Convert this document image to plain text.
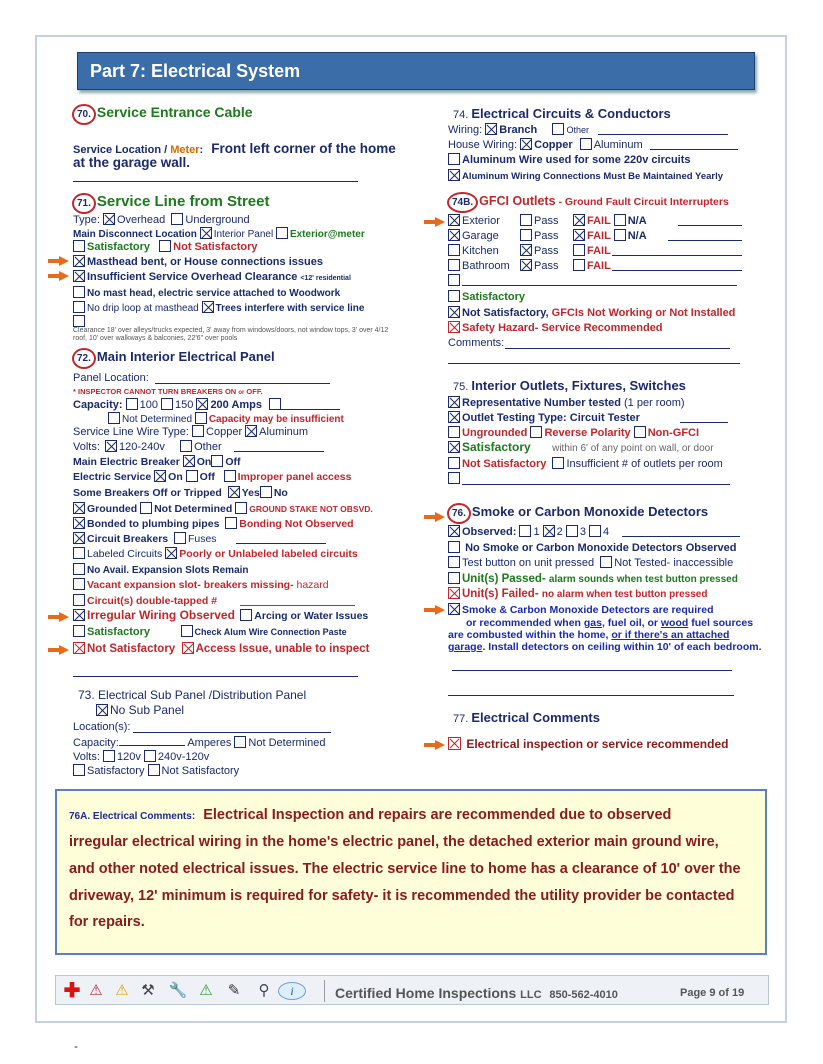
Part 7: Electrical System
70. Service Entrance Cable
Service Location / Meter: Front left corner of the home
at the garage wall.
71. Service Line from Street
Type: Overhead Underground
Main Disconnect Location Interior Panel Exterior@meter
Satisfactory Not Satisfactory
Masthead bent, or House connections issues
Insufficient Service Overhead Clearance <12' residential
No mast head, electric service attached to Woodwork
No drip loop at masthead Trees interfere with service line
Clearance 18' over alleys/trucks expected, 3' away from windows/doors, not window tops, 3' over 4/12
roof, 10' over walkways & balconies, 22'6" over pools
72. Main Interior Electrical Panel
Panel Location:
* INSPECTOR CANNOT TURN BREAKERS ON or OFF.
Capacity: 100 150 200 Amps
Not Determined Capacity may be insufficient
Service Line Wire Type: Copper Aluminum
Volts: 120-240v	Other
Main Electric Breaker On Off
Electric Service On Off Improper panel access
Some Breakers Off or Tripped Yes No
Grounded Not Determined GROUND STAKE NOT OBSVD.
Bonded to plumbing pipes Bonding Not Observed
Circuit Breakers Fuses
Labeled Circuits Poorly or Unlabeled labeled circuits
No Avail. Expansion Slots Remain
Vacant expansion slot- breakers missing- hazard
Circuit(s) double-tapped #
Irregular Wiring Observed Arcing or Water Issues
Satisfactory	Check Alum Wire Connection Paste
Not Satisfactory Access Issue, unable to inspect
73. Electrical Sub Panel /Distribution Panel
No Sub Panel
Location(s):
Capacity:	Amperes Not Determined
Volts: 120v 240v-120v
Satisfactory Not Satisfactory
74. Electrical Circuits & Conductors
Wiring: Branch	Other
House Wiring: Copper Aluminum
Aluminum Wire used for some 220v circuits
Aluminum Wiring Connections Must Be Maintained Yearly
74B. GFCI Outlets - Ground Fault Circuit Interrupters
Exterior	Pass	FAIL N/A
Garage	Pass	FAIL N/A
Kitchen	Pass	FAIL
Bathroom	Pass	FAIL
Satisfactory
Not Satisfactory, GFCIs Not Working or Not Installed
Safety Hazard- Service Recommended
Comments:
75. Interior Outlets, Fixtures, Switches
Representative Number tested (1 per room)
Outlet Testing Type: Circuit Tester
Ungrounded Reverse Polarity Non-GFCI
Satisfactory within 6' of any point on wall, or door
Not Satisfactory Insufficient # of outlets per room
76. Smoke or Carbon Monoxide Detectors
Observed: 1 2 3 4
No Smoke or Carbon Monoxide Detectors Observed
Test button on unit pressed Not Tested- inaccessible
Unit(s) Passed- alarm sounds when test button pressed
Unit(s) Failed- no alarm when test button pressed
Smoke & Carbon Monoxide Detectors are required
or recommended when gas, fuel oil, or wood fuel sources
are combusted within the home, or if there's an attached
garage. Install detectors on ceiling within 10' of each bedroom.
77. Electrical Comments
Electrical inspection or service recommended

76A. Electrical Comments: Electrical Inspection and repairs are recommended due to observed

irregular electrical wiring in the home's electric panel, the detached exterior main ground wire,

and other noted electrical issues. The electric service line to home has a clearance of 10' over the

driveway, 12' minimum is required for safety- it is recommended the utility provider be contacted

for repairs.

✚ ⚠ ⚠ ⚒ 🔧 ⚠ ✎	⚲	i	Certified Home Inspections LLC 850-562-4010	Page 9 of 19
-
